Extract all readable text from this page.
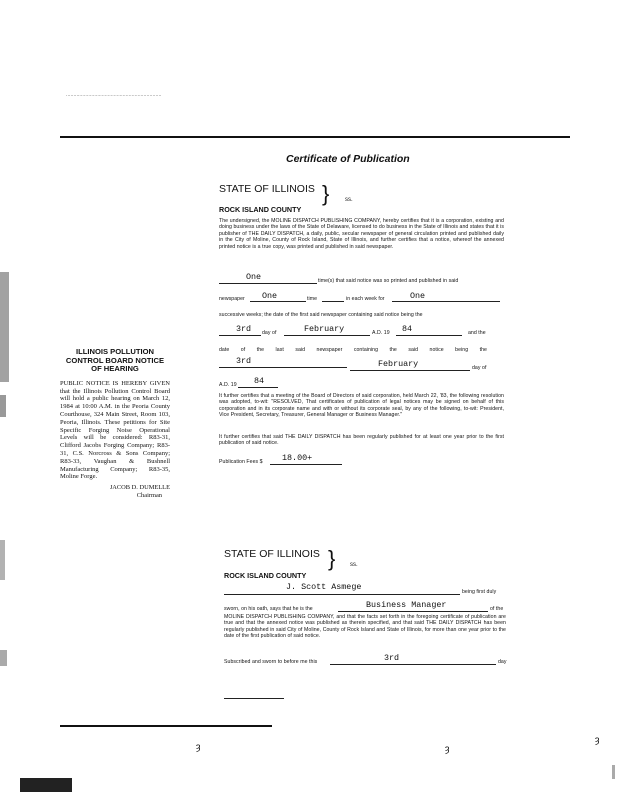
................................................................
Certificate of Publication
STATE OF ILLINOIS }	ss.
ROCK ISLAND COUNTY
The undersigned, the MOLINE DISPATCH PUBLISHING COMPANY, hereby certifies that it is a corporation, existing and doing business under the laws of the State of Delaware, licensed to do business in the State of Illinois and states that it is publisher of THE DAILY DISPATCH, a daily, public, secular newspaper of general circulation printed and published daily in the City of Moline, County of Rock Island, State of Illinois, and further certifies that a notice, whereof the annexed printed notice is a true copy, was printed and published in said newspaper.
One	time(s) that said notice was so printed and published in said
newspaper One	time	in each week for	One
successive weeks; the date of the first said newspaper containing said notice being the
3rd day of	February	A.D. 19 84	and the
date of the last said newspaper containing the said notice being the
3rd	February	day of
A.D. 19 84
It further certifies that a meeting of the Board of Directors of said corporation, held March 22, '83, the following resolution was adopted, to-wit: "RESOLVED, That certificates of publication of legal notices may be signed on behalf of this corporation and in its corporate name and with or without its corporate seal, by any of the following, to-wit: President, Vice President, Secretary, Treasurer, General Manager or Business Manager."
It further certifies that said THE DAILY DISPATCH has been regularly published for at least one year prior to the first publication of said notice.
Publication Fees $ 18.00+
ILLINOIS POLLUTION CONTROL BOARD NOTICE OF HEARING
PUBLIC NOTICE IS HEREBY GIVEN that the Illinois Pollution Control Board will hold a public hearing on March 12, 1984 at 10:00 A.M. in the Peoria County Courthouse, 324 Main Street, Room 103, Peoria, Illinois. These petitions for Site Specific Forging Noise Operational Levels will be considered: R83-31, Clifford Jacobs Forging Company; R83-31, C.S. Norcross & Sons Company; R83-33, Vaughan & Bushnell Manufacturing Company; R83-35, Moline Forge.
JACOB D. DUMELLE
Chairman
STATE OF ILLINOIS } ss.
ROCK ISLAND COUNTY
J. Scott Asmege	being first duly
sworn, on his oath, says that he is the	Business Manager	of the
MOLINE DISPATCH PUBLISHING COMPANY, and that the facts set forth in the foregoing certificate of publication are true and that the annexed notice was published as therein specified, and that said THE DAILY DISPATCH has been regularly published in said City of Moline, County of Rock Island and State of Illinois, for more than one year prior to the date of the first publication of said notice.
Subscribed and sworn to before me this	3rd	day
ȝ	ȝ
ȝ
